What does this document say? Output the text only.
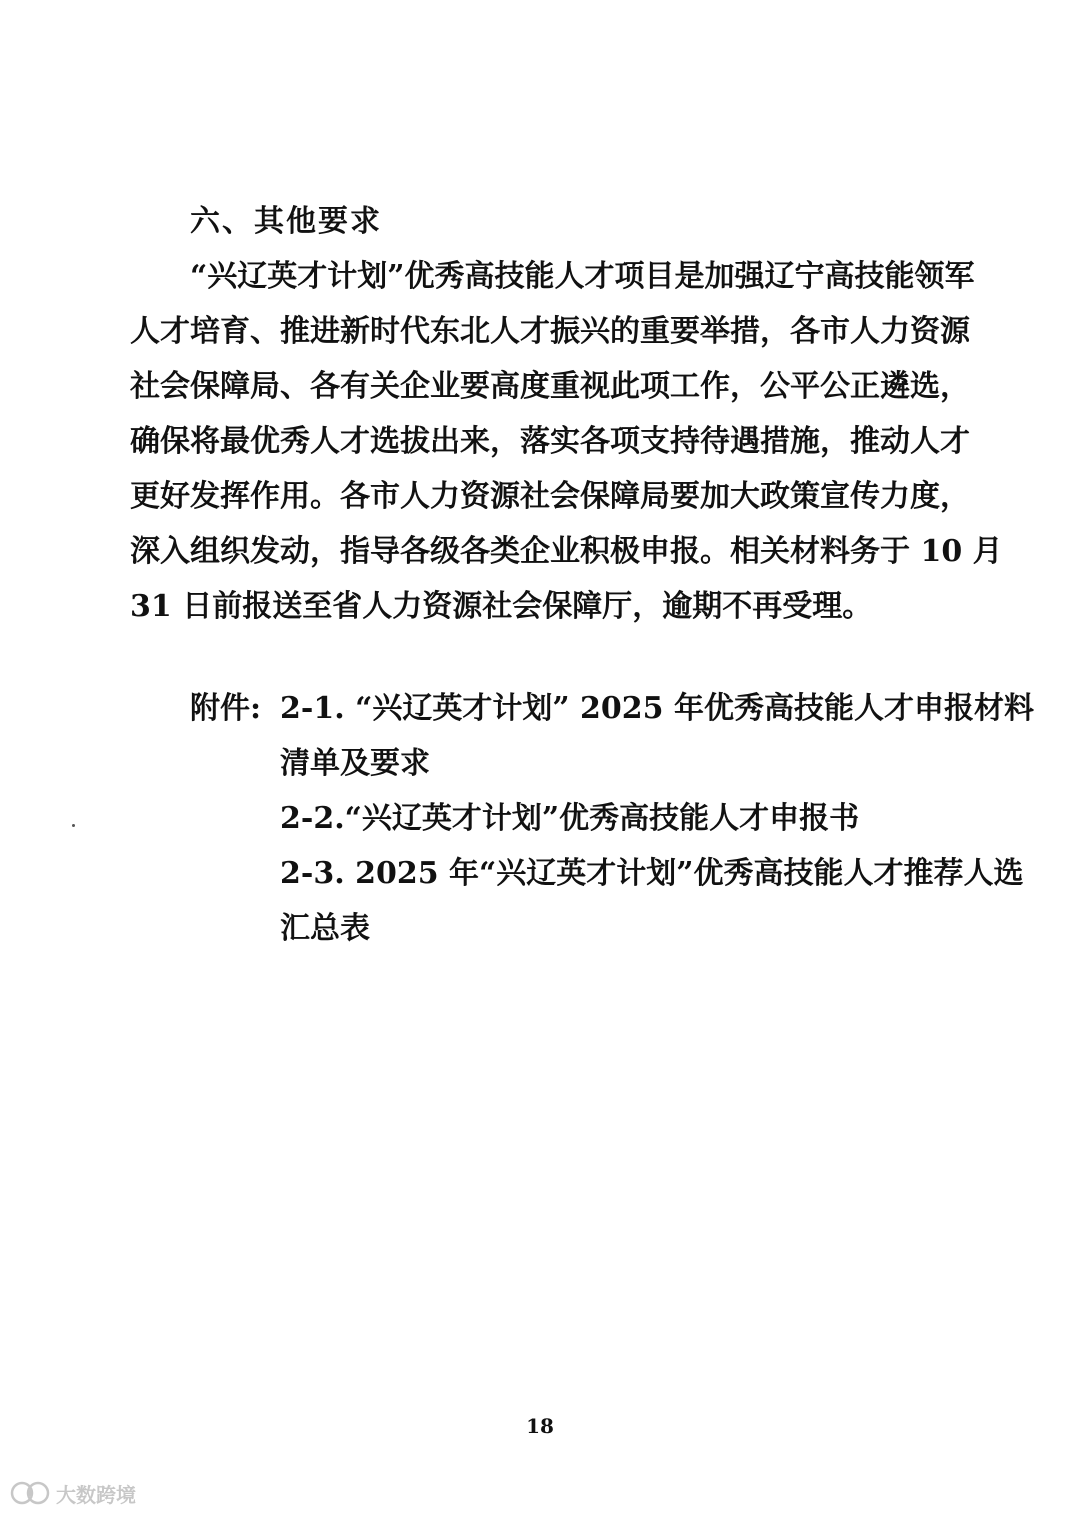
六、其他要求
“兴辽英才计划”优秀高技能人才项目是加强辽宁高技能领军
人才培育、推进新时代东北人才振兴的重要举措，各市人力资源
社会保障局、各有关企业要高度重视此项工作，公平公正遴选，
确保将最优秀人才选拔出来，落实各项支持待遇措施，推动人才
更好发挥作用。各市人力资源社会保障局要加大政策宣传力度，
深入组织发动，指导各级各类企业积极申报。相关材料务于 10 月
31 日前报送至省人力资源社会保障厅，逾期不再受理。
附件: 2-1. “兴辽英才计划” 2025 年优秀高技能人才申报材料
清单及要求
2-2.“兴辽英才计划”优秀高技能人才申报书
2-3. 2025 年“兴辽英才计划”优秀高技能人才推荐人选
汇总表
18
大数跨境
